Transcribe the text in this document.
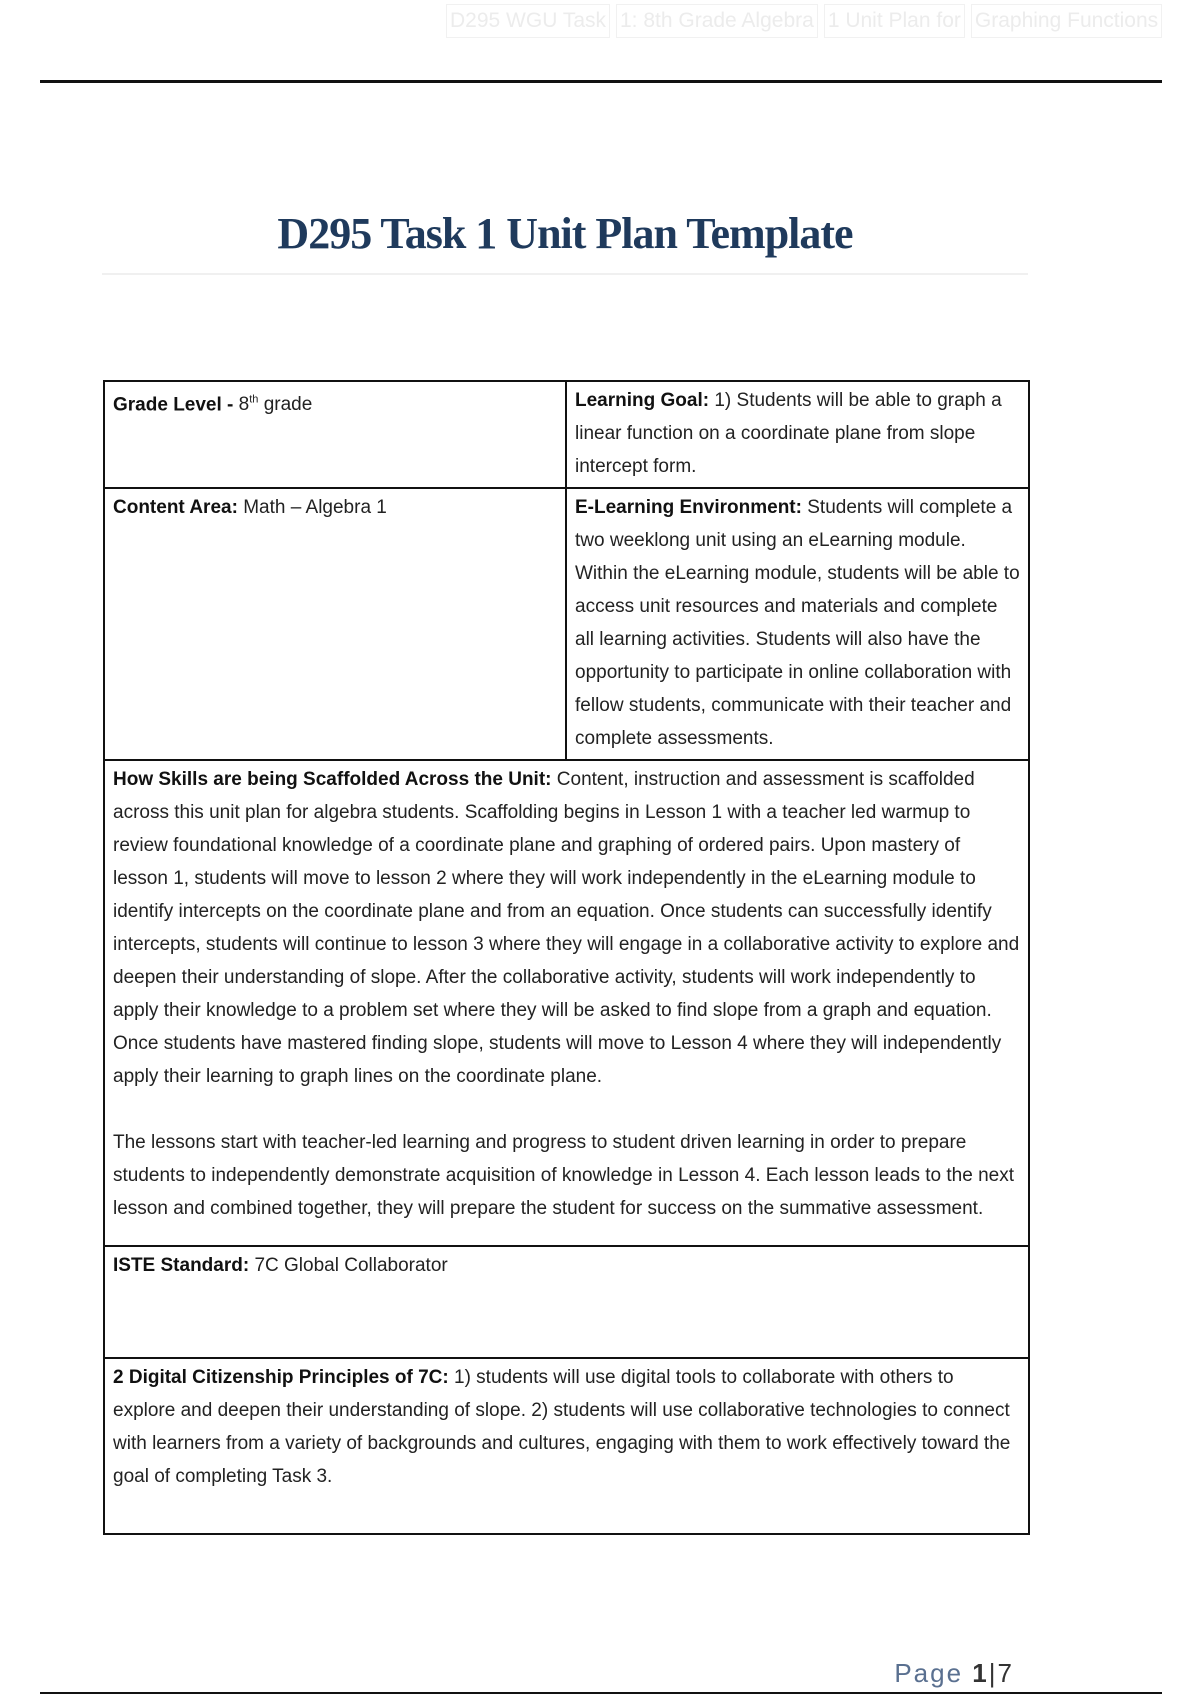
D295 WGU Task 1: 8th Grade Algebra 1 Unit Plan for Graphing Functions
D295 Task 1 Unit Plan Template
Grade Level - 8th grade	Learning Goal: 1) Students will be able to graph a linear function on a coordinate plane from slope intercept form.
Content Area: Math – Algebra 1	E-Learning Environment: Students will complete a two weeklong unit using an eLearning module. Within the eLearning module, students will be able to access unit resources and materials and complete all learning activities. Students will also have the opportunity to participate in online collaboration with fellow students, communicate with their teacher and complete assessments.

How Skills are being Scaffolded Across the Unit: Content, instruction and assessment is scaffolded across this unit plan for algebra students. Scaffolding begins in Lesson 1 with a teacher led warmup to review foundational knowledge of a coordinate plane and graphing of ordered pairs. Upon mastery of lesson 1, students will move to lesson 2 where they will work independently in the eLearning module to identify intercepts on the coordinate plane and from an equation. Once students can successfully identify intercepts, students will continue to lesson 3 where they will engage in a collaborative activity to explore and deepen their understanding of slope. After the collaborative activity, students will work independently to apply their knowledge to a problem set where they will be asked to find slope from a graph and equation. Once students have mastered finding slope, students will move to Lesson 4 where they will independently apply their learning to graph lines on the coordinate plane.
The lessons start with teacher-led learning and progress to student driven learning in order to prepare students to independently demonstrate acquisition of knowledge in Lesson 4. Each lesson leads to the next lesson and combined together, they will prepare the student for success on the summative assessment.	

ISTE Standard: 7C Global Collaborator	
2 Digital Citizenship Principles of 7C: 1) students will use digital tools to collaborate with others to explore and deepen their understanding of slope. 2) students will use collaborative technologies to connect with learners from a variety of backgrounds and cultures, engaging with them to work effectively toward the goal of completing Task 3.	
Page 1|7
